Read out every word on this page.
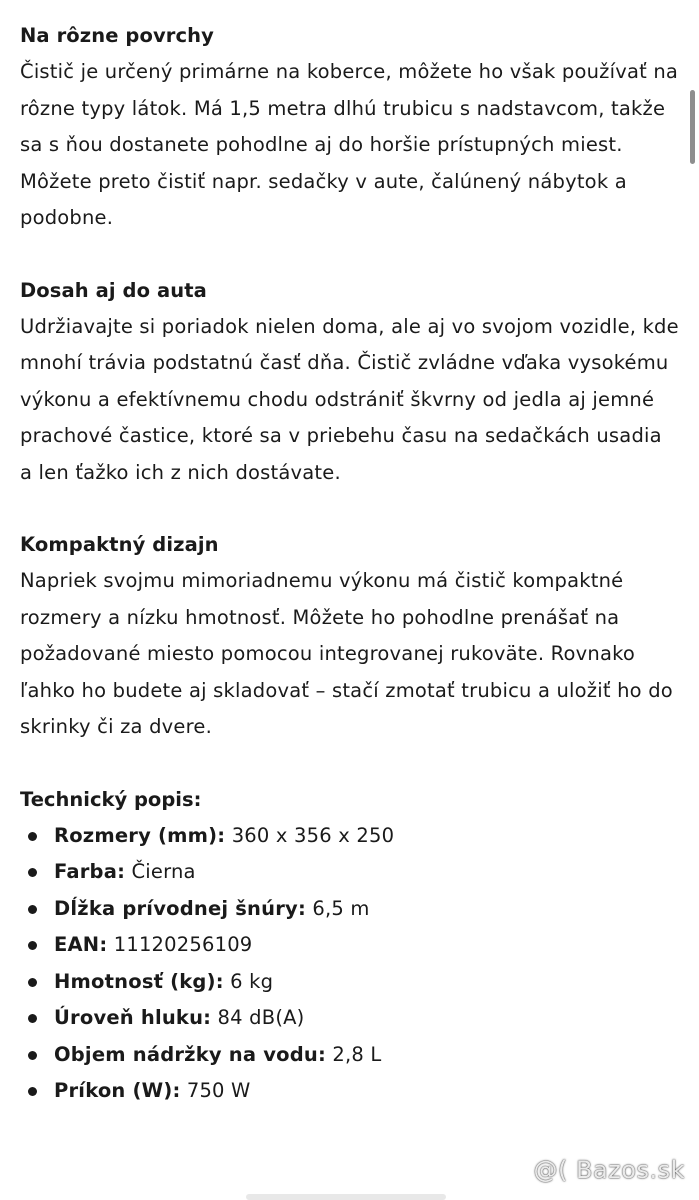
Na rôzne povrchy

Čistič je určený primárne na koberce, môžete ho však používať na rôzne typy látok. Má 1,5 metra dlhú trubicu s nadstavcom, takže sa s ňou dostanete pohodlne aj do horšie prístupných miest. Môžete preto čistiť napr. sedačky v aute, čalúnený nábytok a podobne.

Dosah aj do auta

Udržiavajte si poriadok nielen doma, ale aj vo svojom vozidle, kde mnohí trávia podstatnú časť dňa. Čistič zvládne vďaka vysokému výkonu a efektívnemu chodu odstrániť škvrny od jedla aj jemné prachové častice, ktoré sa v priebehu času na sedačkách usadia a len ťažko ich z nich dostávate.

Kompaktný dizajn

Napriek svojmu mimoriadnemu výkonu má čistič kompaktné rozmery a nízku hmotnosť. Môžete ho pohodlne prenášať na požadované miesto pomocou integrovanej rukoväte. Rovnako ľahko ho budete aj skladovať – stačí zmotať trubicu a uložiť ho do skrinky či za dvere.

Technický popis:
Rozmery (mm): 360 x 356 x 250
Farba: Čierna
Dĺžka prívodnej šnúry: 6,5 m
EAN: 11120256109
Hmotnosť (kg): 6 kg
Úroveň hluku: 84 dB(A)
Objem nádržky na vodu: 2,8 L
Príkon (W): 750 W
@( Bazos.sk
